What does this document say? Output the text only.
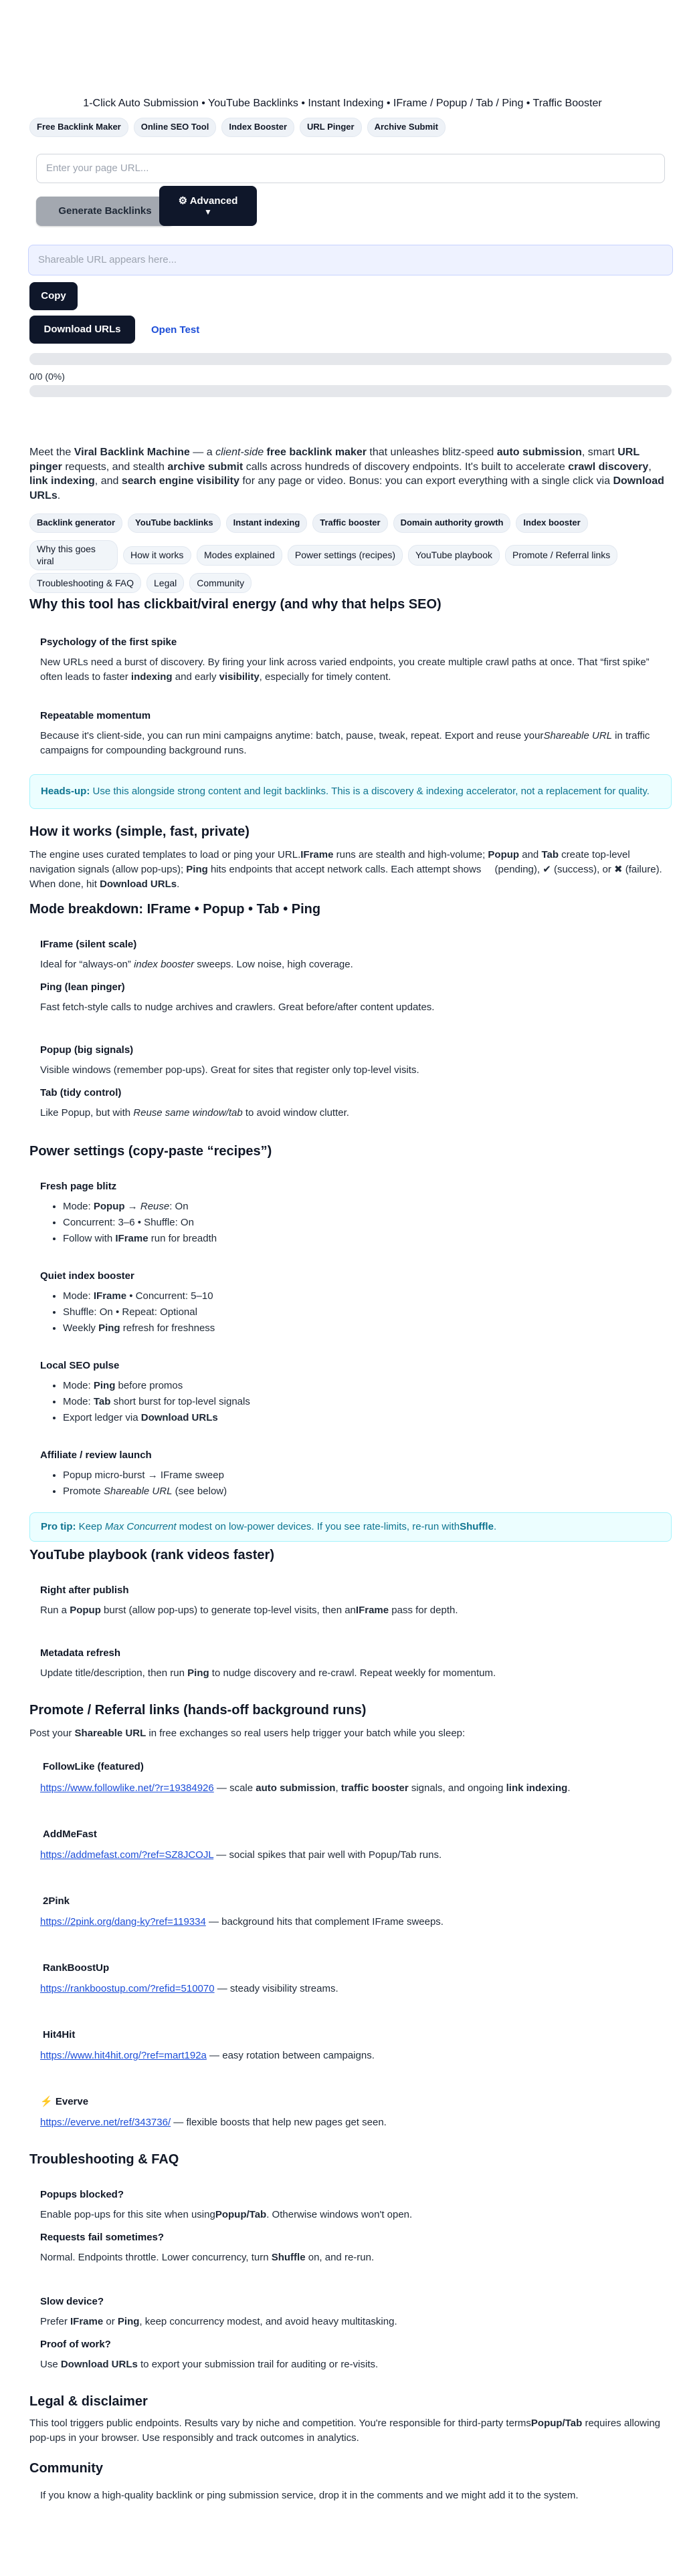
1-Click Auto Submission • YouTube Backlinks • Instant Indexing • IFrame / Popup / Tab / Ping • Traffic Booster
Free Backlink Maker	Online SEO Tool	Index Booster	URL Pinger	Archive Submit
Enter your page URL...
Generate Backlinks
⚙ Advanced
▼
Shareable URL appears here...
Copy
Download URLs	Open Test
0/0 (0%)
Meet the Viral Backlink Machine — a client-side free backlink maker that unleashes blitz-speed auto submission, smart URL pinger requests, and stealth archive submit calls across hundreds of discovery endpoints. It's built to accelerate crawl discovery, link indexing, and search engine visibility for any page or video. Bonus: you can export everything with a single click via Download URLs.
Backlink generator	YouTube backlinks	Instant indexing	Traffic booster	Domain authority growth	Index booster
Why this goes viral
How it works	Modes explained	Power settings (recipes)	YouTube playbook	Promote / Referral links
Troubleshooting & FAQ	Legal	Community
Why this tool has clickbait/viral energy (and why that helps SEO)
Psychology of the first spike

New URLs need a burst of discovery. By firing your link across varied endpoints, you create multiple crawl paths at once. That “first spike” often leads to faster indexing and early visibility, especially for timely content.

Repeatable momentum

Because it's client-side, you can run mini campaigns anytime: batch, pause, tweak, repeat. Export and reuse yourShareable URL in traffic campaigns for compounding background runs.

Heads-up: Use this alongside strong content and legit backlinks. This is a discovery & indexing accelerator, not a replacement for quality.
How it works (simple, fast, private)

The engine uses curated templates to load or ping your URL.IFrame runs are stealth and high-volume; Popup and Tab create top-level navigation signals (allow pop-ups); Ping hits endpoints that accept network calls. Each attempt shows (pending), ✔ (success), or ✖ (failure). When done, hit Download URLs.

Mode breakdown: IFrame • Popup • Tab • Ping
IFrame (silent scale)

Ideal for “always-on” index booster sweeps. Low noise, high coverage.

Ping (lean pinger)

Fast fetch-style calls to nudge archives and crawlers. Great before/after content updates.

Popup (big signals)

Visible windows (remember pop-ups). Great for sites that register only top-level visits.

Tab (tidy control)

Like Popup, but with Reuse same window/tab to avoid window clutter.

Power settings (copy-paste “recipes”)
Fresh page blitz
• Mode: Popup → Reuse: On
• Concurrent: 3–6 • Shuffle: On
• Follow with IFrame run for breadth
Quiet index booster
• Mode: IFrame • Concurrent: 5–10
• Shuffle: On • Repeat: Optional
• Weekly Ping refresh for freshness
Local SEO pulse
• Mode: Ping before promos
• Mode: Tab short burst for top-level signals
• Export ledger via Download URLs
Affiliate / review launch
• Popup micro-burst → IFrame sweep
• Promote Shareable URL (see below)
Pro tip: Keep Max Concurrent modest on low-power devices. If you see rate-limits, re-run withShuffle.
YouTube playbook (rank videos faster)
Right after publish

Run a Popup burst (allow pop-ups) to generate top-level visits, then anIFrame pass for depth.

Metadata refresh

Update title/description, then run Ping to nudge discovery and re-crawl. Repeat weekly for momentum.

Promote / Referral links (hands-off background runs)

Post your Shareable URL in free exchanges so real users help trigger your batch while you sleep:

FollowLike (featured)

https://www.followlike.net/?r=19384926 — scale auto submission, traffic booster signals, and ongoing link indexing.

AddMeFast

https://addmefast.com/?ref=SZ8JCOJL — social spikes that pair well with Popup/Tab runs.

2Pink

https://2pink.org/dang-ky?ref=119334 — background hits that complement IFrame sweeps.

RankBoostUp

https://rankboostup.com/?refid=510070 — steady visibility streams.

Hit4Hit

https://www.hit4hit.org/?ref=mart192a — easy rotation between campaigns.

⚡ Everve

https://everve.net/ref/343736/ — flexible boosts that help new pages get seen.

Troubleshooting & FAQ
Popups blocked?

Enable pop-ups for this site when usingPopup/Tab. Otherwise windows won't open.

Requests fail sometimes?

Normal. Endpoints throttle. Lower concurrency, turn Shuffle on, and re-run.

Slow device?

Prefer IFrame or Ping, keep concurrency modest, and avoid heavy multitasking.

Proof of work?

Use Download URLs to export your submission trail for auditing or re-visits.

Legal & disclaimer

This tool triggers public endpoints. Results vary by niche and competition. You're responsible for third-party termsPopup/Tab requires allowing pop-ups in your browser. Use responsibly and track outcomes in analytics.

Community

If you know a high-quality backlink or ping submission service, drop it in the comments and we might add it to the system.
